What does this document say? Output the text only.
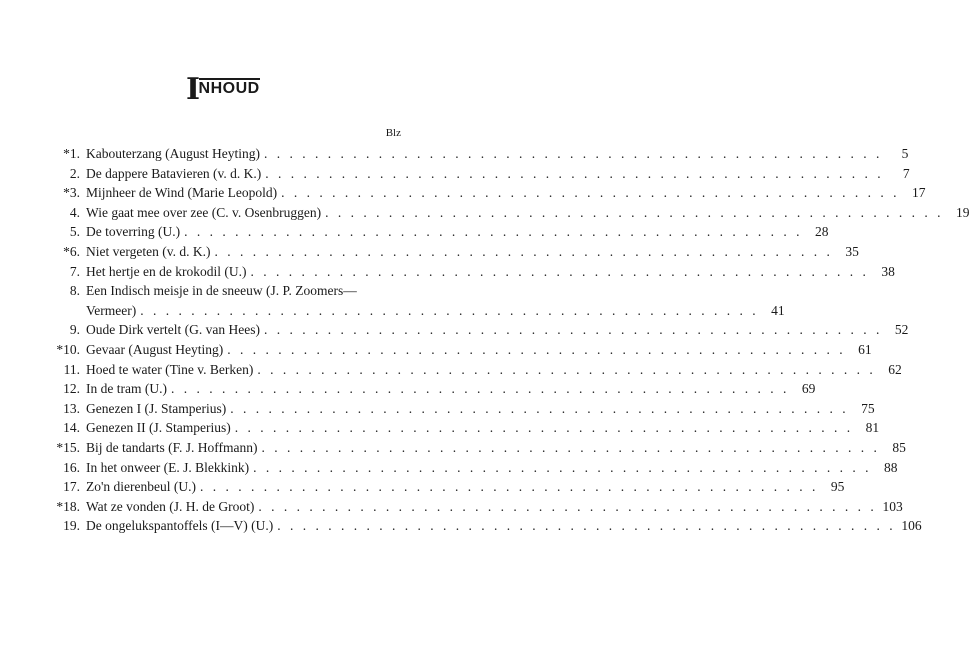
INHOUD
Blz
*1. Kabouterzang (August Heyting) . . .	5
2. De dappere Batavieren (v. d. K.) . . .	7
*3. Mijnheer de Wind (Marie Leopold) . . .	17
4. Wie gaat mee over zee (C. v. Osenbruggen) . . .	19
5. De toverring (U.) . . .	28
*6. Niet vergeten (v. d. K.) . . .	35
7. Het hertje en de krokodil (U.) . . .	38
8. Een Indisch meisje in de sneeuw (J. P. Zoomers—
Vermeer) . . .	41
9. Oude Dirk vertelt (G. van Hees) . . .	52
*10. Gevaar (August Heyting) . . .	61
11. Hoed te water (Tine v. Berken) . . .	62
12. In de tram (U.) . . .	69
13. Genezen I (J. Stamperius) . . .	75
14. Genezen II (J. Stamperius) . . .	81
*15. Bij de tandarts (F. J. Hoffmann) . . .	85
16. In het onweer (E. J. Blekkink) . . .	88
17. Zo'n dierenbeul (U.) . . .	95
*18. Wat ze vonden (J. H. de Groot) . . .	103
19. De ongelukspantoffels (I—V) (U.) . . .	106
